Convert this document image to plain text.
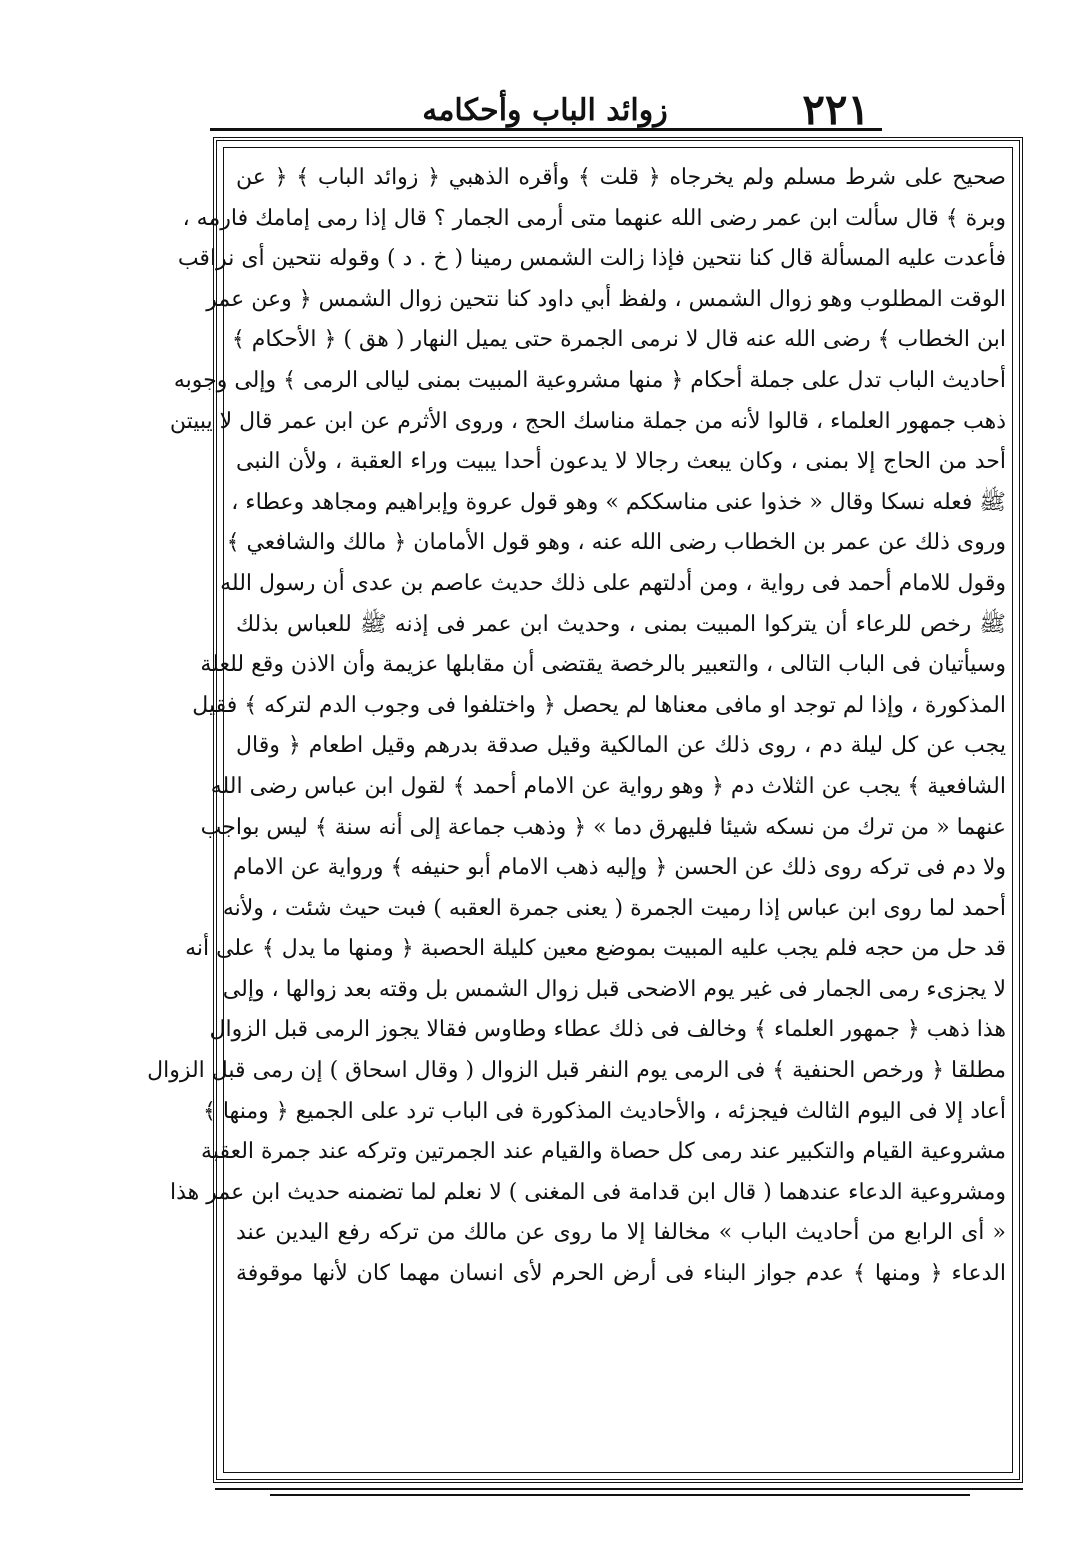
٢٢١
زوائد الباب وأحكامه
صحيح على شرط مسلم ولم يخرجاه ﴿ قلت ﴾ وأقره الذهبي ﴿ زوائد الباب ﴾ ﴿ عن
وبرة ﴾ قال سألت ابن عمر رضى الله عنهما متى أرمى الجمار ؟ قال إذا رمى إمامك فارمه ،
فأعدت عليه المسألة قال كنا نتحين فإذا زالت الشمس رمينا ( خ . د ) وقوله نتحين أى نراقب
الوقت المطلوب وهو زوال الشمس ، ولفظ أبي داود كنا نتحين زوال الشمس ﴿ وعن عمر
ابن الخطاب ﴾ رضى الله عنه قال لا نرمى الجمرة حتى يميل النهار ( هق ) ﴿ الأحكام ﴾
أحاديث الباب تدل على جملة أحكام ﴿ منها مشروعية المبيت بمنى ليالى الرمى ﴾ وإلى وجوبه
ذهب جمهور العلماء ، قالوا لأنه من جملة مناسك الحج ، وروى الأثرم عن ابن عمر قال لا يبيتن
أحد من الحاج إلا بمنى ، وكان يبعث رجالا لا يدعون أحدا يبيت وراء العقبة ، ولأن النبى
ﷺ فعله نسكا وقال « خذوا عنى مناسككم » وهو قول عروة وإبراهيم ومجاهد وعطاء ،
وروى ذلك عن عمر بن الخطاب رضى الله عنه ، وهو قول الأمامان ﴿ مالك والشافعي ﴾
وقول للامام أحمد فى رواية ، ومن أدلتهم على ذلك حديث عاصم بن عدى أن رسول الله
ﷺ رخص للرعاء أن يتركوا المبيت بمنى ، وحديث ابن عمر فى إذنه ﷺ للعباس بذلك
وسيأتيان فى الباب التالى ، والتعبير بالرخصة يقتضى أن مقابلها عزيمة وأن الاذن وقع للعلة
المذكورة ، وإذا لم توجد او مافى معناها لم يحصل ﴿ واختلفوا فى وجوب الدم لتركه ﴾ فقيل
يجب عن كل ليلة دم ، روى ذلك عن المالكية وقيل صدقة بدرهم وقيل اطعام ﴿ وقال
الشافعية ﴾ يجب عن الثلاث دم ﴿ وهو رواية عن الامام أحمد ﴾ لقول ابن عباس رضى الله
عنهما « من ترك من نسكه شيئا فليهرق دما » ﴿ وذهب جماعة إلى أنه سنة ﴾ ليس بواجب
ولا دم فى تركه روى ذلك عن الحسن ﴿ وإليه ذهب الامام أبو حنيفه ﴾ ورواية عن الامام
أحمد لما روى ابن عباس إذا رميت الجمرة ( يعنى جمرة العقبه ) فبت حيث شئت ، ولأنه
قد حل من حجه فلم يجب عليه المبيت بموضع معين كليلة الحصبة ﴿ ومنها ما يدل ﴾ على أنه
لا يجزىء رمى الجمار فى غير يوم الاضحى قبل زوال الشمس بل وقته بعد زوالها ، وإلى
هذا ذهب ﴿ جمهور العلماء ﴾ وخالف فى ذلك عطاء وطاوس فقالا يجوز الرمى قبل الزوال
مطلقا ﴿ ورخص الحنفية ﴾ فى الرمى يوم النفر قبل الزوال ( وقال اسحاق ) إن رمى قبل الزوال
أعاد إلا فى اليوم الثالث فيجزئه ، والأحاديث المذكورة فى الباب ترد على الجميع ﴿ ومنها ﴾
مشروعية القيام والتكبير عند رمى كل حصاة والقيام عند الجمرتين وتركه عند جمرة العقبة
ومشروعية الدعاء عندهما ( قال ابن قدامة فى المغنى ) لا نعلم لما تضمنه حديث ابن عمر هذا
« أى الرابع من أحاديث الباب » مخالفا إلا ما روى عن مالك من تركه رفع اليدين عند
الدعاء ﴿ ومنها ﴾ عدم جواز البناء فى أرض الحرم لأى انسان مهما كان لأنها موقوفة
